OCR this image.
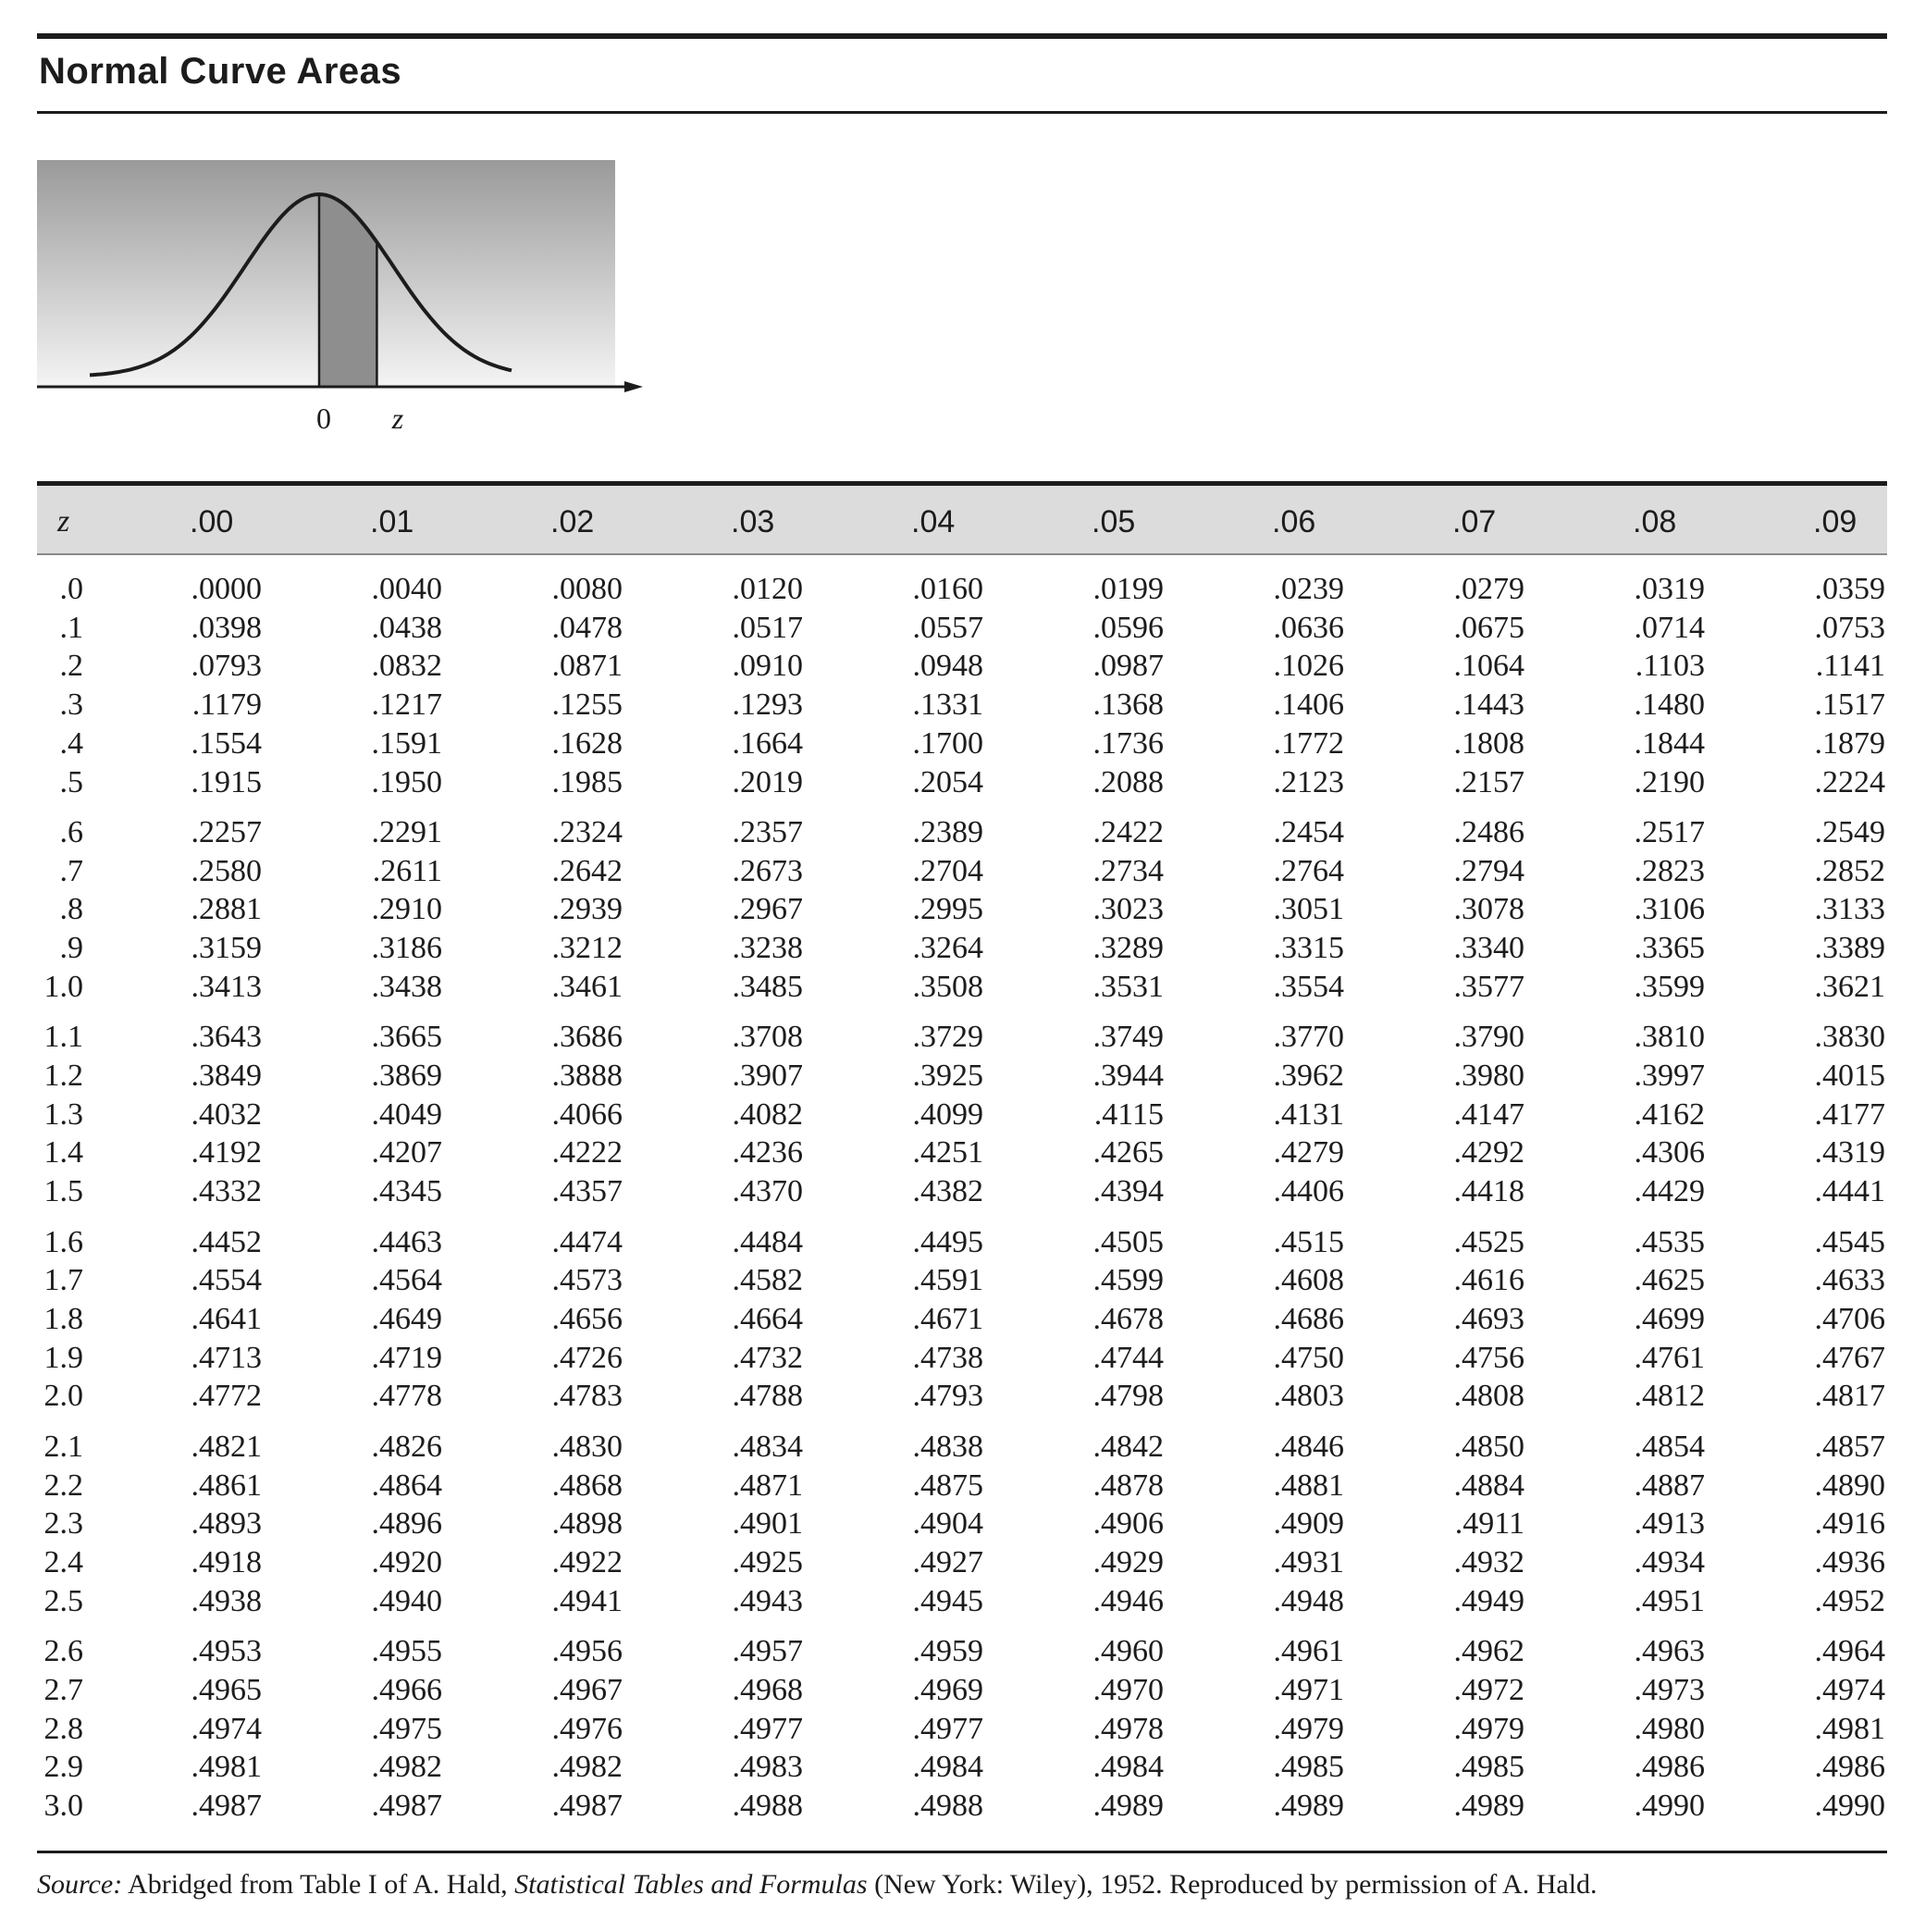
Normal Curve Areas
0 z
z	.00	.01	.02	.03	.04	.05	.06	.07	.08	.09
.0	.0000	.0040	.0080	.0120	.0160	.0199	.0239	.0279	.0319	.0359
.1	.0398	.0438	.0478	.0517	.0557	.0596	.0636	.0675	.0714	.0753
.2	.0793	.0832	.0871	.0910	.0948	.0987	.1026	.1064	.1103	.1141
.3	.1179	.1217	.1255	.1293	.1331	.1368	.1406	.1443	.1480	.1517
.4	.1554	.1591	.1628	.1664	.1700	.1736	.1772	.1808	.1844	.1879
.5	.1915	.1950	.1985	.2019	.2054	.2088	.2123	.2157	.2190	.2224
.6	.2257	.2291	.2324	.2357	.2389	.2422	.2454	.2486	.2517	.2549
.7	.2580	.2611	.2642	.2673	.2704	.2734	.2764	.2794	.2823	.2852
.8	.2881	.2910	.2939	.2967	.2995	.3023	.3051	.3078	.3106	.3133
.9	.3159	.3186	.3212	.3238	.3264	.3289	.3315	.3340	.3365	.3389
1.0	.3413	.3438	.3461	.3485	.3508	.3531	.3554	.3577	.3599	.3621
1.1	.3643	.3665	.3686	.3708	.3729	.3749	.3770	.3790	.3810	.3830
1.2	.3849	.3869	.3888	.3907	.3925	.3944	.3962	.3980	.3997	.4015
1.3	.4032	.4049	.4066	.4082	.4099	.4115	.4131	.4147	.4162	.4177
1.4	.4192	.4207	.4222	.4236	.4251	.4265	.4279	.4292	.4306	.4319
1.5	.4332	.4345	.4357	.4370	.4382	.4394	.4406	.4418	.4429	.4441
1.6	.4452	.4463	.4474	.4484	.4495	.4505	.4515	.4525	.4535	.4545
1.7	.4554	.4564	.4573	.4582	.4591	.4599	.4608	.4616	.4625	.4633
1.8	.4641	.4649	.4656	.4664	.4671	.4678	.4686	.4693	.4699	.4706
1.9	.4713	.4719	.4726	.4732	.4738	.4744	.4750	.4756	.4761	.4767
2.0	.4772	.4778	.4783	.4788	.4793	.4798	.4803	.4808	.4812	.4817
2.1	.4821	.4826	.4830	.4834	.4838	.4842	.4846	.4850	.4854	.4857
2.2	.4861	.4864	.4868	.4871	.4875	.4878	.4881	.4884	.4887	.4890
2.3	.4893	.4896	.4898	.4901	.4904	.4906	.4909	.4911	.4913	.4916
2.4	.4918	.4920	.4922	.4925	.4927	.4929	.4931	.4932	.4934	.4936
2.5	.4938	.4940	.4941	.4943	.4945	.4946	.4948	.4949	.4951	.4952
2.6	.4953	.4955	.4956	.4957	.4959	.4960	.4961	.4962	.4963	.4964
2.7	.4965	.4966	.4967	.4968	.4969	.4970	.4971	.4972	.4973	.4974
2.8	.4974	.4975	.4976	.4977	.4977	.4978	.4979	.4979	.4980	.4981
2.9	.4981	.4982	.4982	.4983	.4984	.4984	.4985	.4985	.4986	.4986
3.0	.4987	.4987	.4987	.4988	.4988	.4989	.4989	.4989	.4990	.4990
Source: Abridged from Table I of A. Hald, Statistical Tables and Formulas (New York: Wiley), 1952. Reproduced by permission of A. Hald.
